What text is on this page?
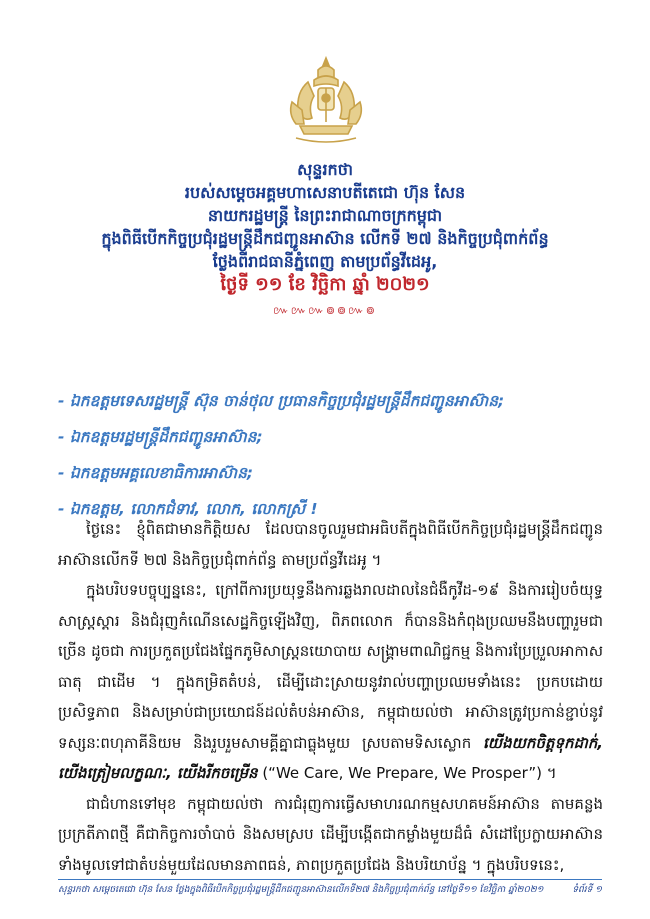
សុន្ទរកថា
របស់សម្ដេចអគ្គមហាសេនាបតីតេជោ ហ៊ុន សែន
នាយករដ្ឋមន្ត្រី នៃព្រះរាជាណាចក្រកម្ពុជា
ក្នុងពិធីបើកកិច្ចប្រជុំរដ្ឋមន្ត្រីដឹកជញ្ជូនអាស៊ាន លើកទី ២៧ និងកិច្ចប្រជុំពាក់ព័ន្ធ
ថ្លែងពីរាជធានីភ្នំពេញ តាមប្រព័ន្ធវីដេអូ,
ថ្ងៃទី ១១ ខែ វិច្ឆិកា ឆ្នាំ ២០២១
៚៚៚៙៙៚៙
- ឯកឧត្តមទេសរដ្ឋមន្ត្រី ស៊ុន ចាន់ថុល ប្រធានកិច្ចប្រជុំរដ្ឋមន្ត្រីដឹកជញ្ជូនអាស៊ាន;
- ឯកឧត្តមរដ្ឋមន្ត្រីដឹកជញ្ជូនអាស៊ាន;
- ឯកឧត្តមអគ្គលេខាធិការអាស៊ាន;
- ឯកឧត្តម, លោកជំទាវ, លោក, លោកស្រី !

ថ្ងៃនេះ ខ្ញុំពិតជាមានកិត្តិយស ដែលបានចូលរួមជាអធិបតីក្នុងពិធីបើកកិច្ចប្រជុំរដ្ឋមន្ត្រីដឹកជញ្ជូនអាស៊ានលើកទី ២៧ និងកិច្ចប្រជុំពាក់ព័ន្ធ តាមប្រព័ន្ធវីដេអូ ។

ក្នុងបរិបទបច្ចុប្បន្ននេះ, ក្រៅពីការប្រយុទ្ធនឹងការឆ្លងរាលដាលនៃជំងឺកូវីដ-១៩ និងការរៀបចំយុទ្ធសាស្ត្រស្ដារ និងជំរុញកំណើនសេដ្ឋកិច្ចឡើងវិញ, ពិភពលោក ក៏បាននិងកំពុងប្រឈមនឹងបញ្ហារួមជាច្រើន ដូចជា ការប្រកួតប្រជែងផ្នែកភូមិសាស្ត្រនយោបាយ សង្គ្រាមពាណិជ្ជកម្ម និងការប្រែប្រួលអាកាសធាតុ ជាដើម ។ ក្នុងកម្រិតតំបន់, ដើម្បីដោះស្រាយនូវរាល់បញ្ហាប្រឈមទាំងនេះ ប្រកបដោយប្រសិទ្ធភាព និងសម្រាប់ជាប្រយោជន៍ដល់តំបន់អាស៊ាន, កម្ពុជាយល់ថា អាស៊ានត្រូវប្រកាន់ខ្ជាប់នូវទស្សនៈពហុភាគីនិយម និងរួបរួមសាមគ្គីគ្នាជាធ្លុងមួយ ស្របតាមទិសស្លោក យើងយកចិត្តទុកដាក់, យើងត្រៀមលក្ខណៈ, យើងរីកចម្រើន (“We Care, We Prepare, We Prosper”) ។

ជាជំហានទៅមុខ កម្ពុជាយល់ថា ការជំរុញការធ្វើសមាហរណកម្មសហគមន៍អាស៊ាន តាមគន្លងប្រក្រតីភាពថ្មី គឺជាកិច្ចការចាំបាច់ និងសមស្រប ដើម្បីបង្កើតជាកម្លាំងមួយដ៏ធំ សំដៅប្រែក្លាយអាស៊ានទាំងមូលទៅជាតំបន់មួយដែលមានភាពធន់, ភាពប្រកួតប្រជែង និងបរិយាប័ន្ន ។ ក្នុងបរិបទនេះ,

សុន្ទរកថា សម្ដេចតេជោ ហ៊ុន សែន ថ្លែងក្នុងពិធីបើកកិច្ចប្រជុំរដ្ឋមន្ត្រីដឹកជញ្ជូនអាស៊ានលើកទី២៧ និងកិច្ចប្រជុំពាក់ព័ន្ធ នៅថ្ងៃទី១១ ខែវិច្ឆិកា ឆ្នាំ២០២១	ទំព័រទី ១
